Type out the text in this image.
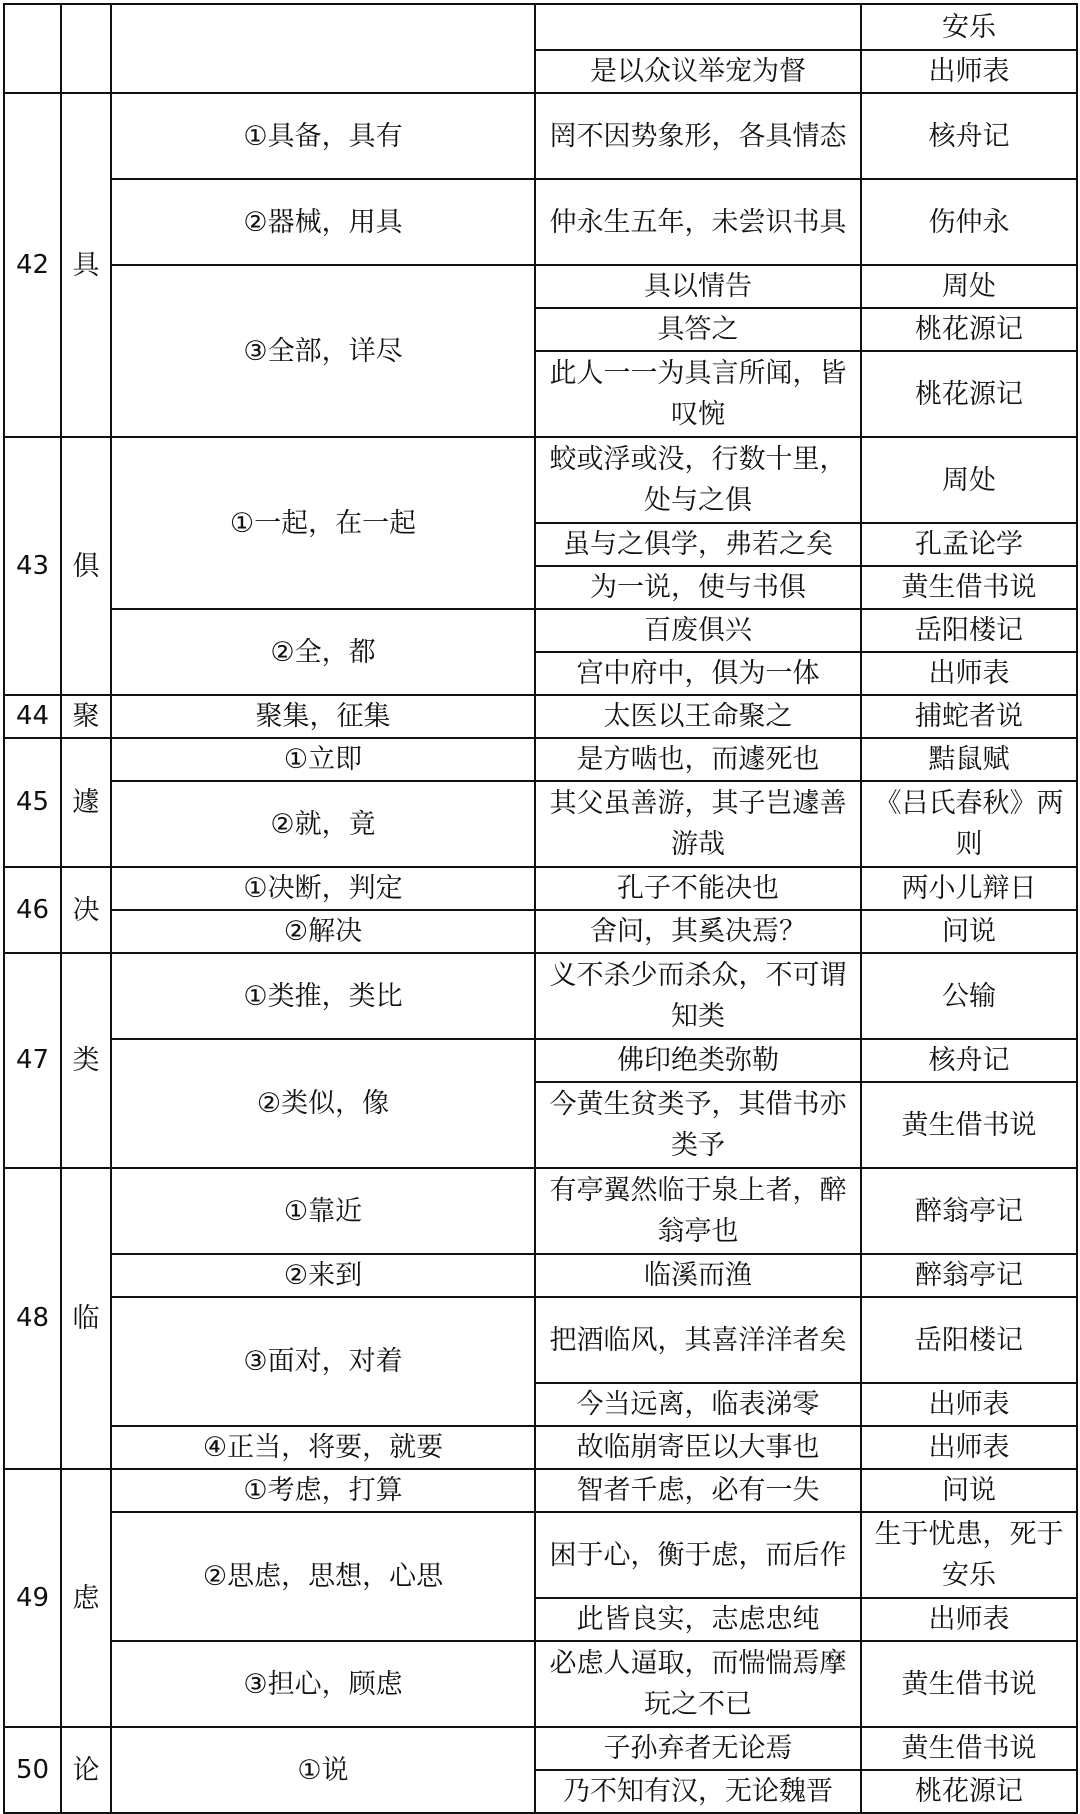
				安乐
			是以众议举宠为督	出师表
42	具	①具备，具有	罔不因势象形，各具情态	核舟记
		②器械，用具	仲永生五年，未尝识书具	伤仲永
		③全部，详尽	具以情告	周处
			具答之	桃花源记
			此人一一为具言所闻，皆叹惋	桃花源记
43	俱	①一起，在一起	蛟或浮或没，行数十里，处与之俱	周处
			虽与之俱学，弗若之矣	孔孟论学
			为一说，使与书俱	黄生借书说
		②全，都	百废俱兴	岳阳楼记
			宫中府中，俱为一体	出师表
44	聚	聚集，征集	太医以王命聚之	捕蛇者说
45	遽	①立即	是方啮也，而遽死也	黠鼠赋
		②就，竟	其父虽善游，其子岂遽善游哉	《吕氏春秋》两则
46	决	①决断，判定	孔子不能决也	两小儿辩日
		②解决	舍问，其奚决焉？	问说
47	类	①类推，类比	义不杀少而杀众，不可谓知类	公输
		②类似，像	佛印绝类弥勒	核舟记
			今黄生贫类予，其借书亦类予	黄生借书说
48	临	①靠近	有亭翼然临于泉上者，醉翁亭也	醉翁亭记
		②来到	临溪而渔	醉翁亭记
		③面对，对着	把酒临风，其喜洋洋者矣	岳阳楼记
			今当远离，临表涕零	出师表
		④正当，将要，就要	故临崩寄臣以大事也	出师表
49	虑	①考虑，打算	智者千虑，必有一失	问说
		②思虑，思想，心思	困于心，衡于虑，而后作	生于忧患，死于安乐
			此皆良实，志虑忠纯	出师表
		③担心，顾虑	必虑人逼取，而惴惴焉摩玩之不已	黄生借书说
50	论	①说	子孙弃者无论焉	黄生借书说
			乃不知有汉，无论魏晋	桃花源记
